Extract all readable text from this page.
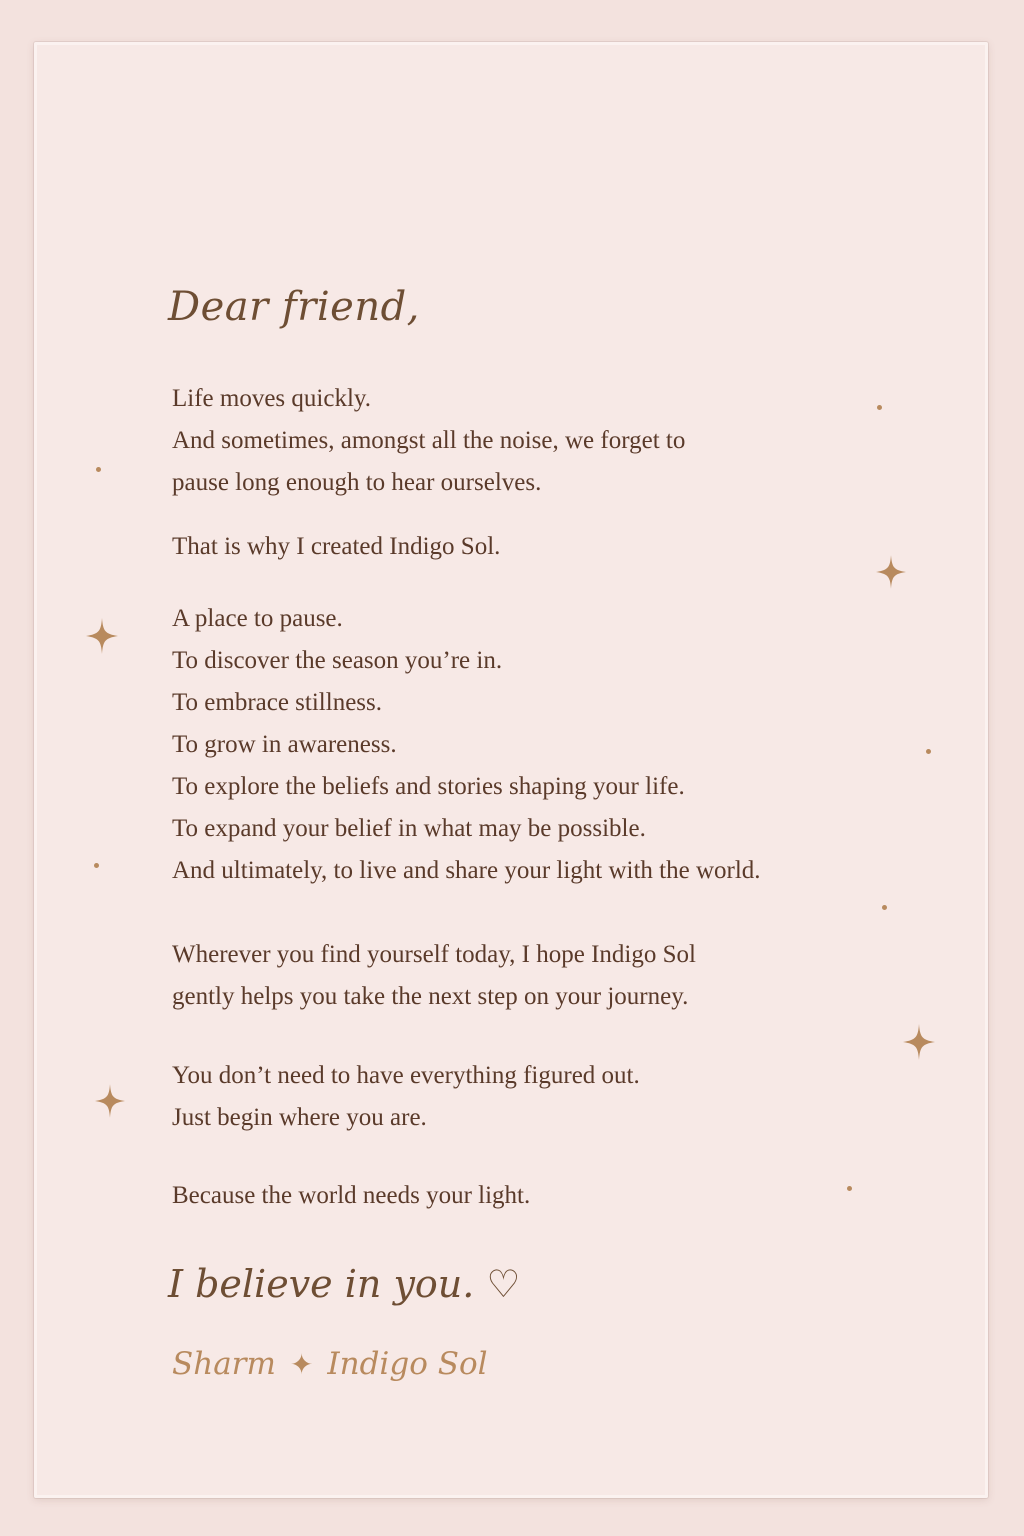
Dear friend,
Life moves quickly.
And sometimes, amongst all the noise, we forget to
pause long enough to hear ourselves.
That is why I created Indigo Sol.
A place to pause.
To discover the season you’re in.
To embrace stillness.
To grow in awareness.
To explore the beliefs and stories shaping your life.
To expand your belief in what may be possible.
And ultimately, to live and share your light with the world.
Wherever you find yourself today, I hope Indigo Sol
gently helps you take the next step on your journey.
You don’t need to have everything figured out.
Just begin where you are.
Because the world needs your light.
I believe in you. ♡
Sharm ✦ Indigo Sol
